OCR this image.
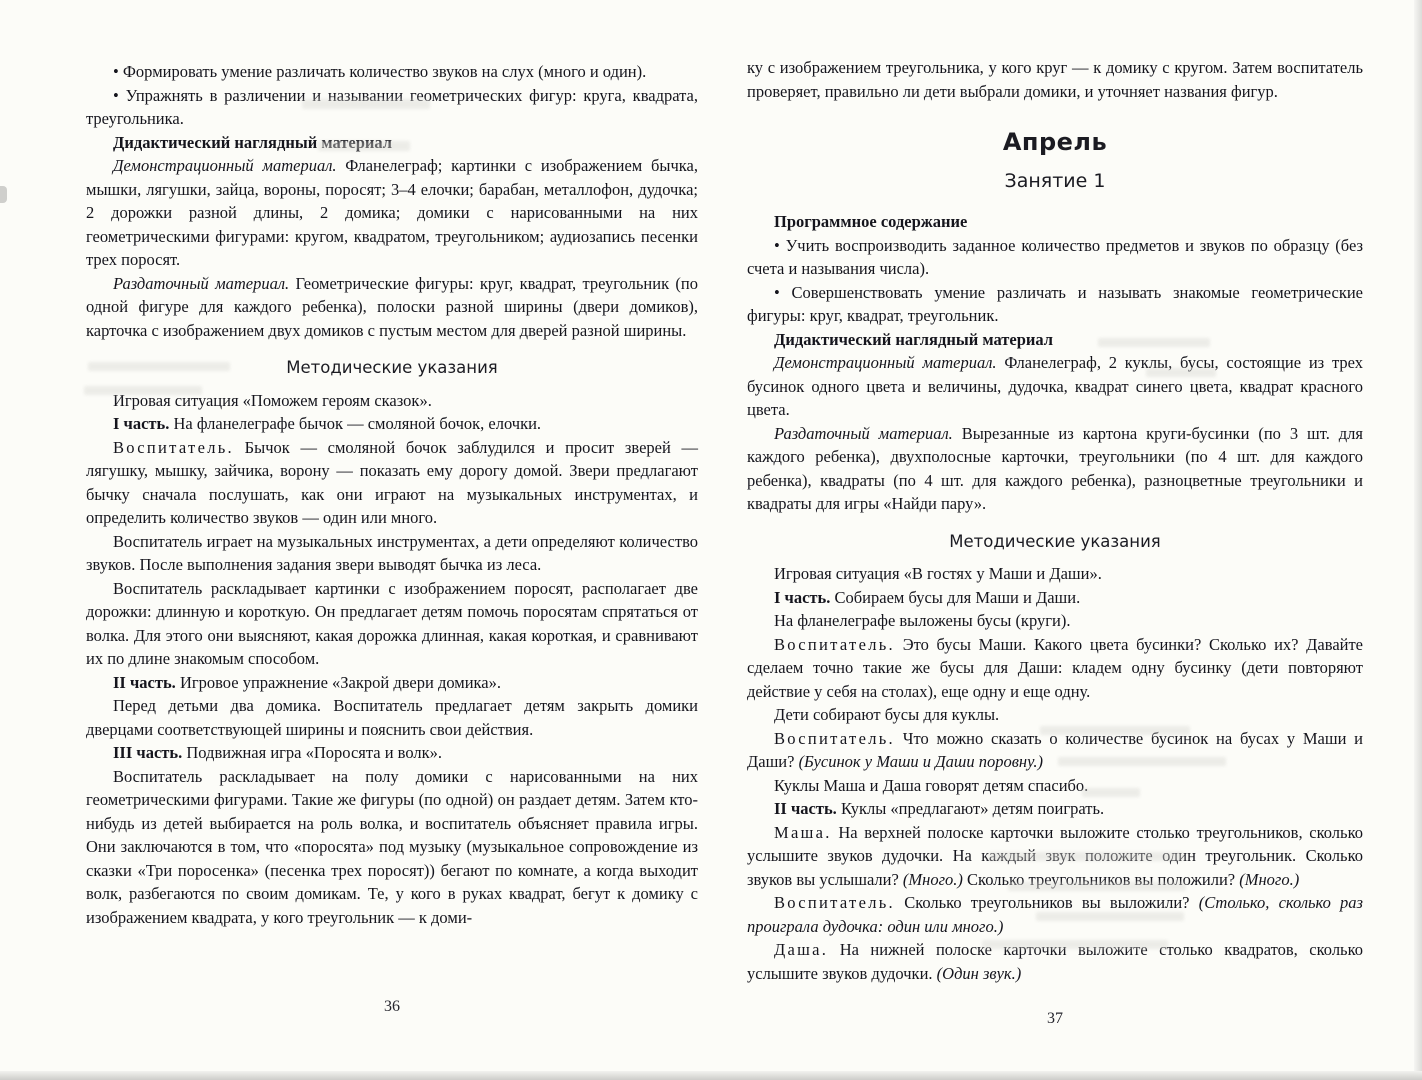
• Формировать умение различать количество звуков на слух (много и один).

• Упражнять в различении и назывании геометрических фигур: круга, квадрата, треугольника.

Дидактический наглядный материал

Демонстрационный материал. Фланелеграф; картинки с изображением бычка, мышки, лягушки, зайца, вороны, поросят; 3–4 елочки; барабан, металлофон, дудочка; 2 дорожки разной длины, 2 домика; домики с нарисованными на них геометрическими фигурами: кругом, квадратом, треугольником; аудиозапись песенки трех поросят.

Раздаточный материал. Геометрические фигуры: круг, квадрат, треугольник (по одной фигуре для каждого ребенка), полоски разной ширины (двери домиков), карточка с изображением двух домиков с пустым местом для дверей разной ширины.

Методические указания

Игровая ситуация «Поможем героям сказок».

I часть. На фланелеграфе бычок — смоляной бочок, елочки.

Воспитатель. Бычок — смоляной бочок заблудился и просит зверей — лягушку, мышку, зайчика, ворону — показать ему дорогу домой. Звери предлагают бычку сначала послушать, как они играют на музыкальных инструментах, и определить количество звуков — один или много.

Воспитатель играет на музыкальных инструментах, а дети определяют количество звуков. После выполнения задания звери выводят бычка из леса.

Воспитатель раскладывает картинки с изображением поросят, располагает две дорожки: длинную и короткую. Он предлагает детям помочь поросятам спрятаться от волка. Для этого они выясняют, какая дорожка длинная, какая короткая, и сравнивают их по длине знакомым способом.

II часть. Игровое упражнение «Закрой двери домика».

Перед детьми два домика. Воспитатель предлагает детям закрыть домики дверцами соответствующей ширины и пояснить свои действия.

III часть. Подвижная игра «Поросята и волк».

Воспитатель раскладывает на полу домики с нарисованными на них геометрическими фигурами. Такие же фигуры (по одной) он раздает детям. Затем кто-нибудь из детей выбирается на роль волка, и воспитатель объясняет правила игры. Они заключаются в том, что «поросята» под музыку (музыкальное сопровождение из сказки «Три поросенка» (песенка трех поросят)) бегают по комнате, а когда выходит волк, разбегаются по своим домикам. Те, у кого в руках квадрат, бегут к домику с изображением квадрата, у кого треугольник — к доми-

ку с изображением треугольника, у кого круг — к домику с кругом. Затем воспитатель проверяет, правильно ли дети выбрали домики, и уточняет названия фигур.

Апрель
Занятие 1

Программное содержание

• Учить воспроизводить заданное количество предметов и звуков по образцу (без счета и называния числа).

• Совершенствовать умение различать и называть знакомые геометрические фигуры: круг, квадрат, треугольник.

Дидактический наглядный материал

Демонстрационный материал. Фланелеграф, 2 куклы, бусы, состоящие из трех бусинок одного цвета и величины, дудочка, квадрат синего цвета, квадрат красного цвета.

Раздаточный материал. Вырезанные из картона круги-бусинки (по 3 шт. для каждого ребенка), двухполосные карточки, треугольники (по 4 шт. для каждого ребенка), квадраты (по 4 шт. для каждого ребенка), разноцветные треугольники и квадраты для игры «Найди пару».

Методические указания

Игровая ситуация «В гостях у Маши и Даши».

I часть. Собираем бусы для Маши и Даши.

На фланелеграфе выложены бусы (круги).

Воспитатель. Это бусы Маши. Какого цвета бусинки? Сколько их? Давайте сделаем точно такие же бусы для Даши: кладем одну бусинку (дети повторяют действие у себя на столах), еще одну и еще одну.

Дети собирают бусы для куклы.

Воспитатель. Что можно сказать о количестве бусинок на бусах у Маши и Даши? (Бусинок у Маши и Даши поровну.)

Куклы Маша и Даша говорят детям спасибо.

II часть. Куклы «предлагают» детям поиграть.

Маша. На верхней полоске карточки выложите столько треугольников, сколько услышите звуков дудочки. На каждый звук положите один треугольник. Сколько звуков вы услышали? (Много.) Сколько треугольников вы положили? (Много.)

Воспитатель. Сколько треугольников вы выложили? (Столько, сколько раз проиграла дудочка: один или много.)

Даша. На нижней полоске карточки выложите столько квадратов, сколько услышите звуков дудочки. (Один звук.)

36
37
